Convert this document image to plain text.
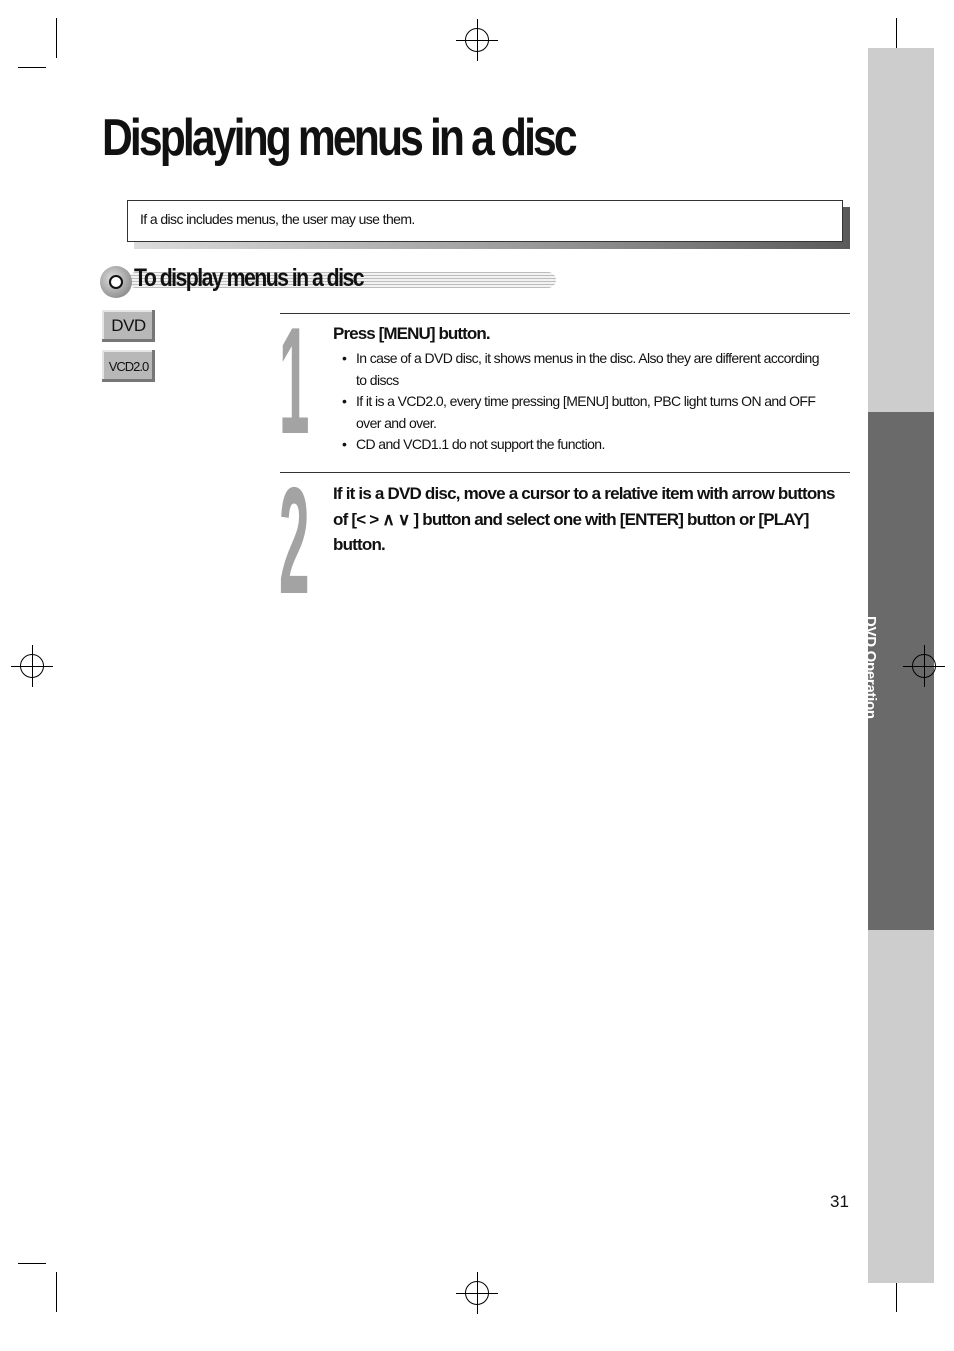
DVD Operation
Displaying menus in a disc
If a disc includes menus, the user may use them.
To display menus in a disc
DVD
VCD2.0 1 Press [MENU] button.
• In case of a DVD disc, it shows menus in the disc. Also they are different according to discs
• If it is a VCD2.0, every time pressing [MENU] button, PBC light turns ON and OFF over and over.
• CD and VCD1.1 do not support the function.
2 If it is a DVD disc, move a cursor to a relative item with arrow buttons of [< > ∧ ∨ ] button and select one with [ENTER] button or [PLAY] button.
31
